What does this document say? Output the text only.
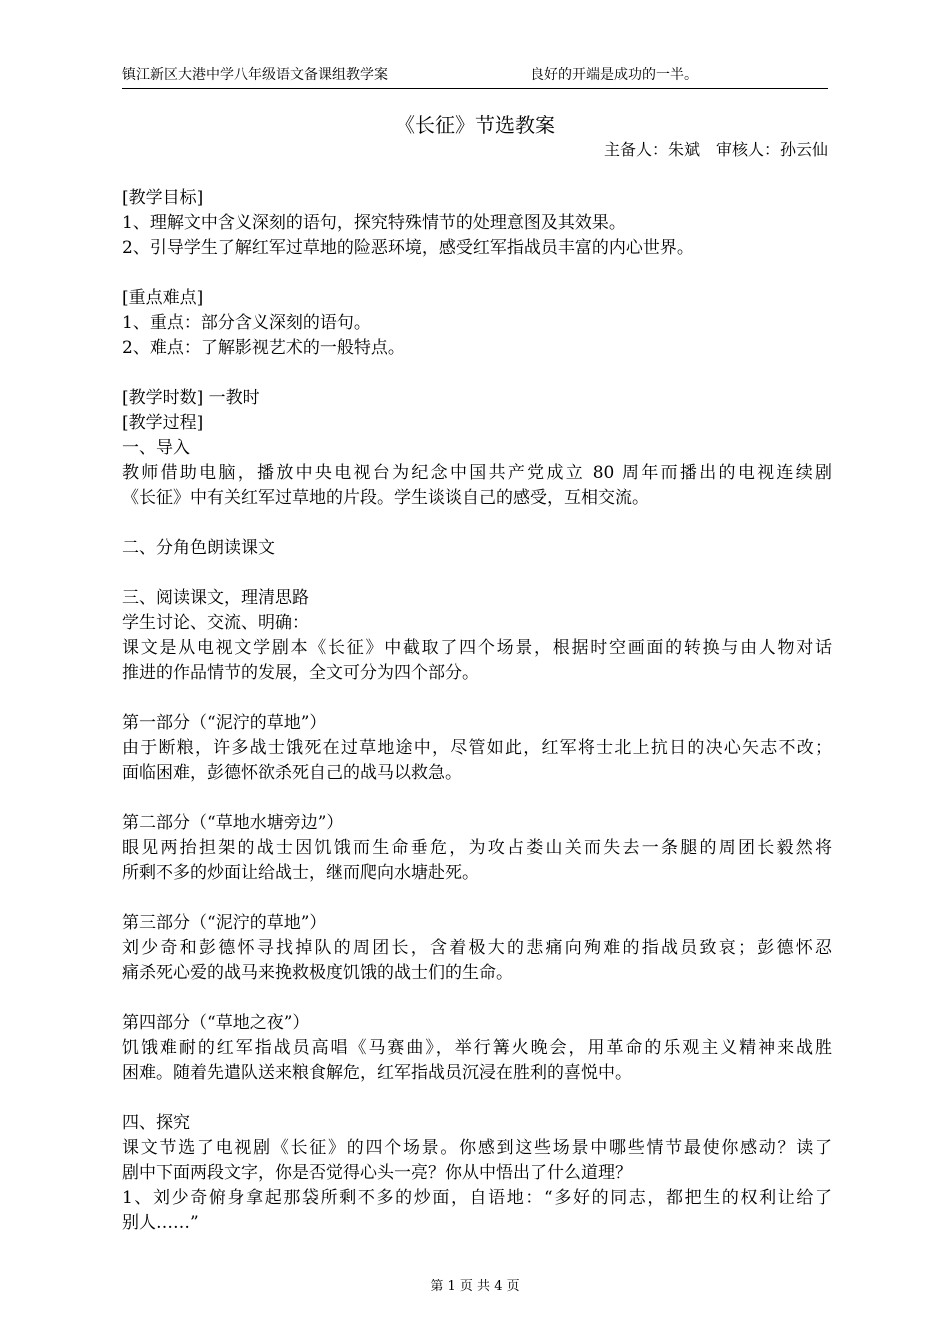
镇江新区大港中学八年级语文备课组教学案	良好的开端是成功的一半。
《长征》节选教案
主备人：朱斌　审核人：孙云仙
[教学目标]
1、理解文中含义深刻的语句，探究特殊情节的处理意图及其效果。
2、引导学生了解红军过草地的险恶环境，感受红军指战员丰富的内心世界。
[重点难点]
1、重点：部分含义深刻的语句。
2、难点：了解影视艺术的一般特点。
[教学时数] 一教时
[教学过程]
一、导入
教师借助电脑，播放中央电视台为纪念中国共产党成立 80 周年而播出的电视连续剧
《长征》中有关红军过草地的片段。学生谈谈自己的感受，互相交流。
二、分角色朗读课文
三、阅读课文，理清思路
学生讨论、交流、明确：
课文是从电视文学剧本《长征》中截取了四个场景，根据时空画面的转换与由人物对话
推进的作品情节的发展，全文可分为四个部分。
第一部分（“泥泞的草地”）
由于断粮，许多战士饿死在过草地途中，尽管如此，红军将士北上抗日的决心矢志不改；
面临困难，彭德怀欲杀死自己的战马以救急。
第二部分（“草地水塘旁边”）
眼见两抬担架的战士因饥饿而生命垂危，为攻占娄山关而失去一条腿的周团长毅然将
所剩不多的炒面让给战士，继而爬向水塘赴死。
第三部分（“泥泞的草地”）
刘少奇和彭德怀寻找掉队的周团长，含着极大的悲痛向殉难的指战员致哀；彭德怀忍
痛杀死心爱的战马来挽救极度饥饿的战士们的生命。
第四部分（“草地之夜”）
饥饿难耐的红军指战员高唱《马赛曲》，举行篝火晚会，用革命的乐观主义精神来战胜
困难。随着先遣队送来粮食解危，红军指战员沉浸在胜利的喜悦中。
四、探究
课文节选了电视剧《长征》的四个场景。你感到这些场景中哪些情节最使你感动？读了
剧中下面两段文字，你是否觉得心头一亮？你从中悟出了什么道理？
1、刘少奇俯身拿起那袋所剩不多的炒面，自语地：“多好的同志，都把生的权利让给了
别人……”
第 1 页 共 4 页
